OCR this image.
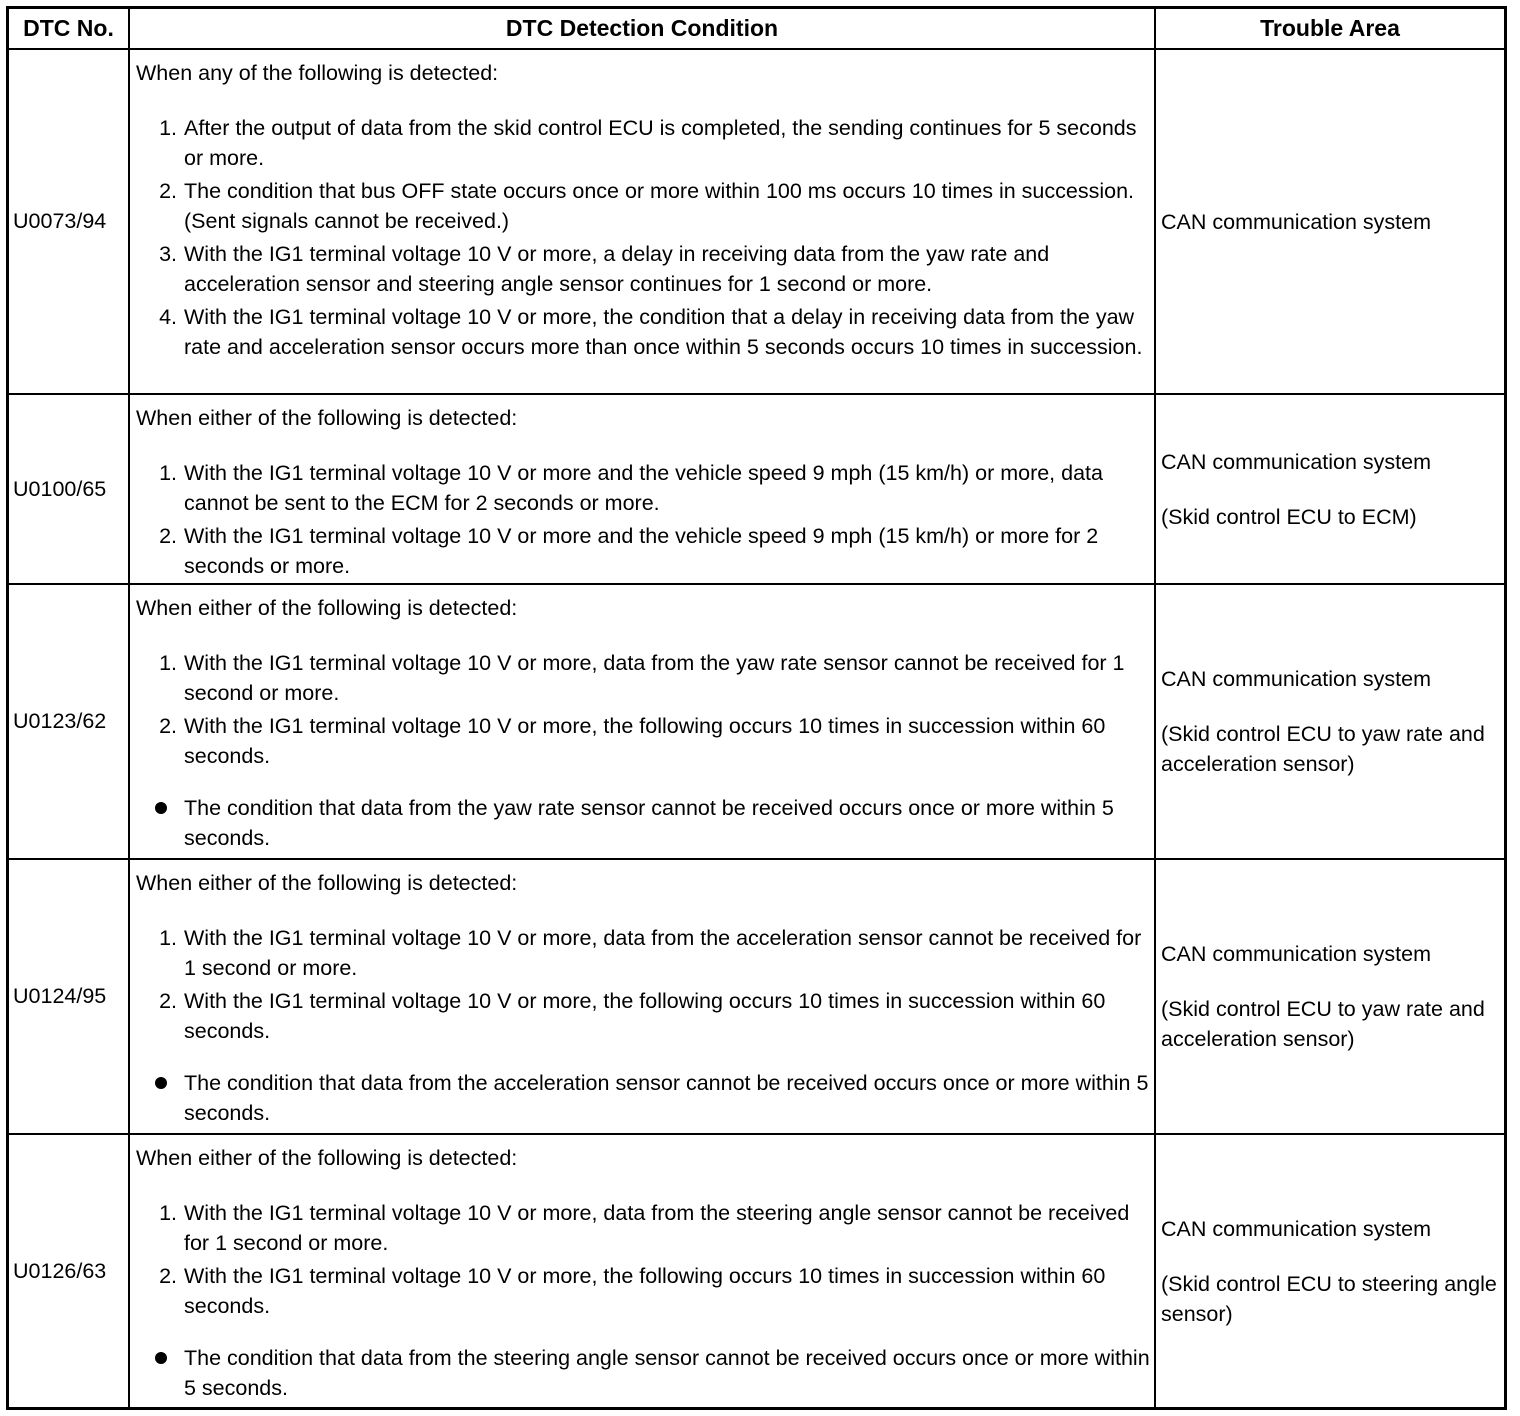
DTC No.	DTC Detection Condition	Trouble Area
U0073/94
When any of the following is detected:
1. After the output of data from the skid control ECU is completed, the sending continues for 5 seconds or more.
2. The condition that bus OFF state occurs once or more within 100 ms occurs 10 times in succession. (Sent signals cannot be received.)
3. With the IG1 terminal voltage 10 V or more, a delay in receiving data from the yaw rate and acceleration sensor and steering angle sensor continues for 1 second or more.
4. With the IG1 terminal voltage 10 V or more, the condition that a delay in receiving data from the yaw rate and acceleration sensor occurs more than once within 5 seconds occurs 10 times in succession.
CAN communication system
U0100/65
When either of the following is detected:
1. With the IG1 terminal voltage 10 V or more and the vehicle speed 9 mph (15 km/h) or more, data cannot be sent to the ECM for 2 seconds or more.
2. With the IG1 terminal voltage 10 V or more and the vehicle speed 9 mph (15 km/h) or more for 2 seconds or more.
CAN communication system
(Skid control ECU to ECM)
U0123/62
When either of the following is detected:
1. With the IG1 terminal voltage 10 V or more, data from the yaw rate sensor cannot be received for 1 second or more.
2. With the IG1 terminal voltage 10 V or more, the following occurs 10 times in succession within 60 seconds.
The condition that data from the yaw rate sensor cannot be received occurs once or more within 5 seconds.
CAN communication system
(Skid control ECU to yaw rate and acceleration sensor)
U0124/95
When either of the following is detected:
1. With the IG1 terminal voltage 10 V or more, data from the acceleration sensor cannot be received for 1 second or more.
2. With the IG1 terminal voltage 10 V or more, the following occurs 10 times in succession within 60 seconds.
The condition that data from the acceleration sensor cannot be received occurs once or more within 5 seconds.
CAN communication system
(Skid control ECU to yaw rate and acceleration sensor)
U0126/63
When either of the following is detected:
1. With the IG1 terminal voltage 10 V or more, data from the steering angle sensor cannot be received for 1 second or more.
2. With the IG1 terminal voltage 10 V or more, the following occurs 10 times in succession within 60 seconds.
The condition that data from the steering angle sensor cannot be received occurs once or more within 5 seconds.
CAN communication system
(Skid control ECU to steering angle sensor)
